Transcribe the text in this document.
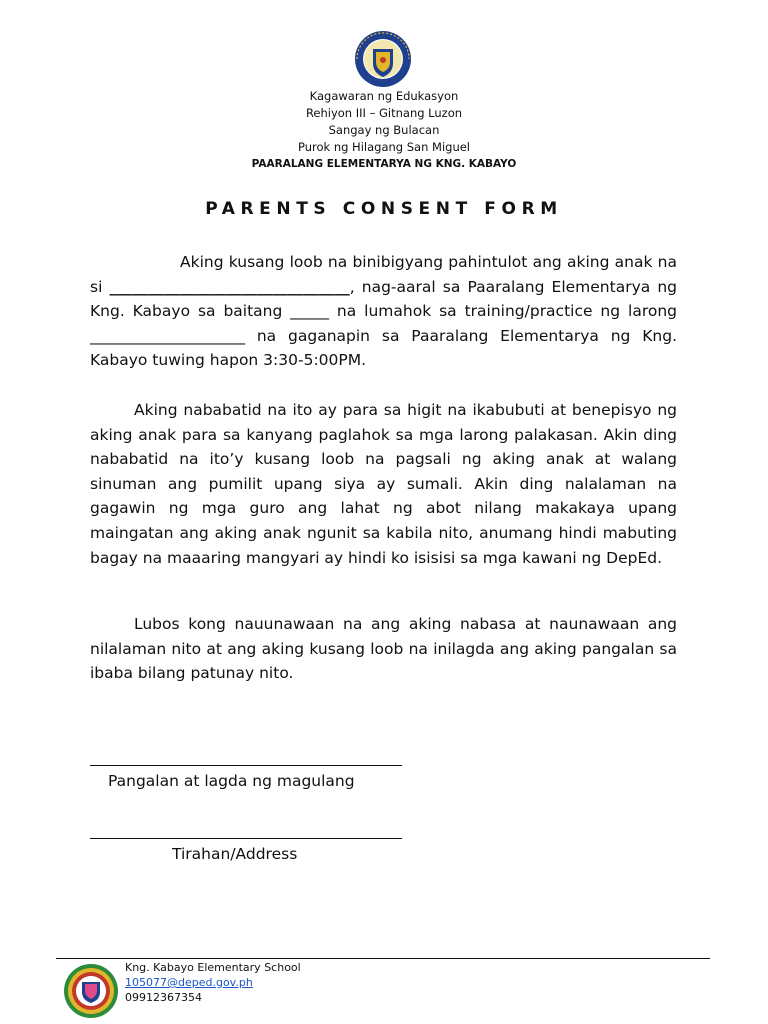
Kagawaran ng Edukasyon
Rehiyon III – Gitnang Luzon
Sangay ng Bulacan
Purok ng Hilagang San Miguel
PAARALANG ELEMENTARYA NG KNG. KABAYO
PARENTS CONSENT FORM
Aking kusang loob na binibigyang pahintulot ang aking anak na si _______________________________, nag-aaral sa Paaralang Elementarya ng Kng. Kabayo sa baitang _____ na lumahok sa training/practice ng larong ____________________ na gaganapin sa Paaralang Elementarya ng Kng. Kabayo tuwing hapon 3:30-5:00PM.
Aking nababatid na ito ay para sa higit na ikabubuti at benepisyo ng aking anak para sa kanyang paglahok sa mga larong palakasan. Akin ding nababatid na ito’y kusang loob na pagsali ng aking anak at walang sinuman ang pumilit upang siya ay sumali. Akin ding nalalaman na gagawin ng mga guro ang lahat ng abot nilang makakaya upang maingatan ang aking anak ngunit sa kabila nito, anumang hindi mabuting bagay na maaaring mangyari ay hindi ko isisisi sa mga kawani ng DepEd.
Lubos kong nauunawaan na ang aking nabasa at naunawaan ang nilalaman nito at ang aking kusang loob na inilagda ang aking pangalan sa ibaba bilang patunay nito.
Pangalan at lagda ng magulang
Tirahan/Address
Kng. Kabayo Elementary School
105077@deped.gov.ph
09912367354
